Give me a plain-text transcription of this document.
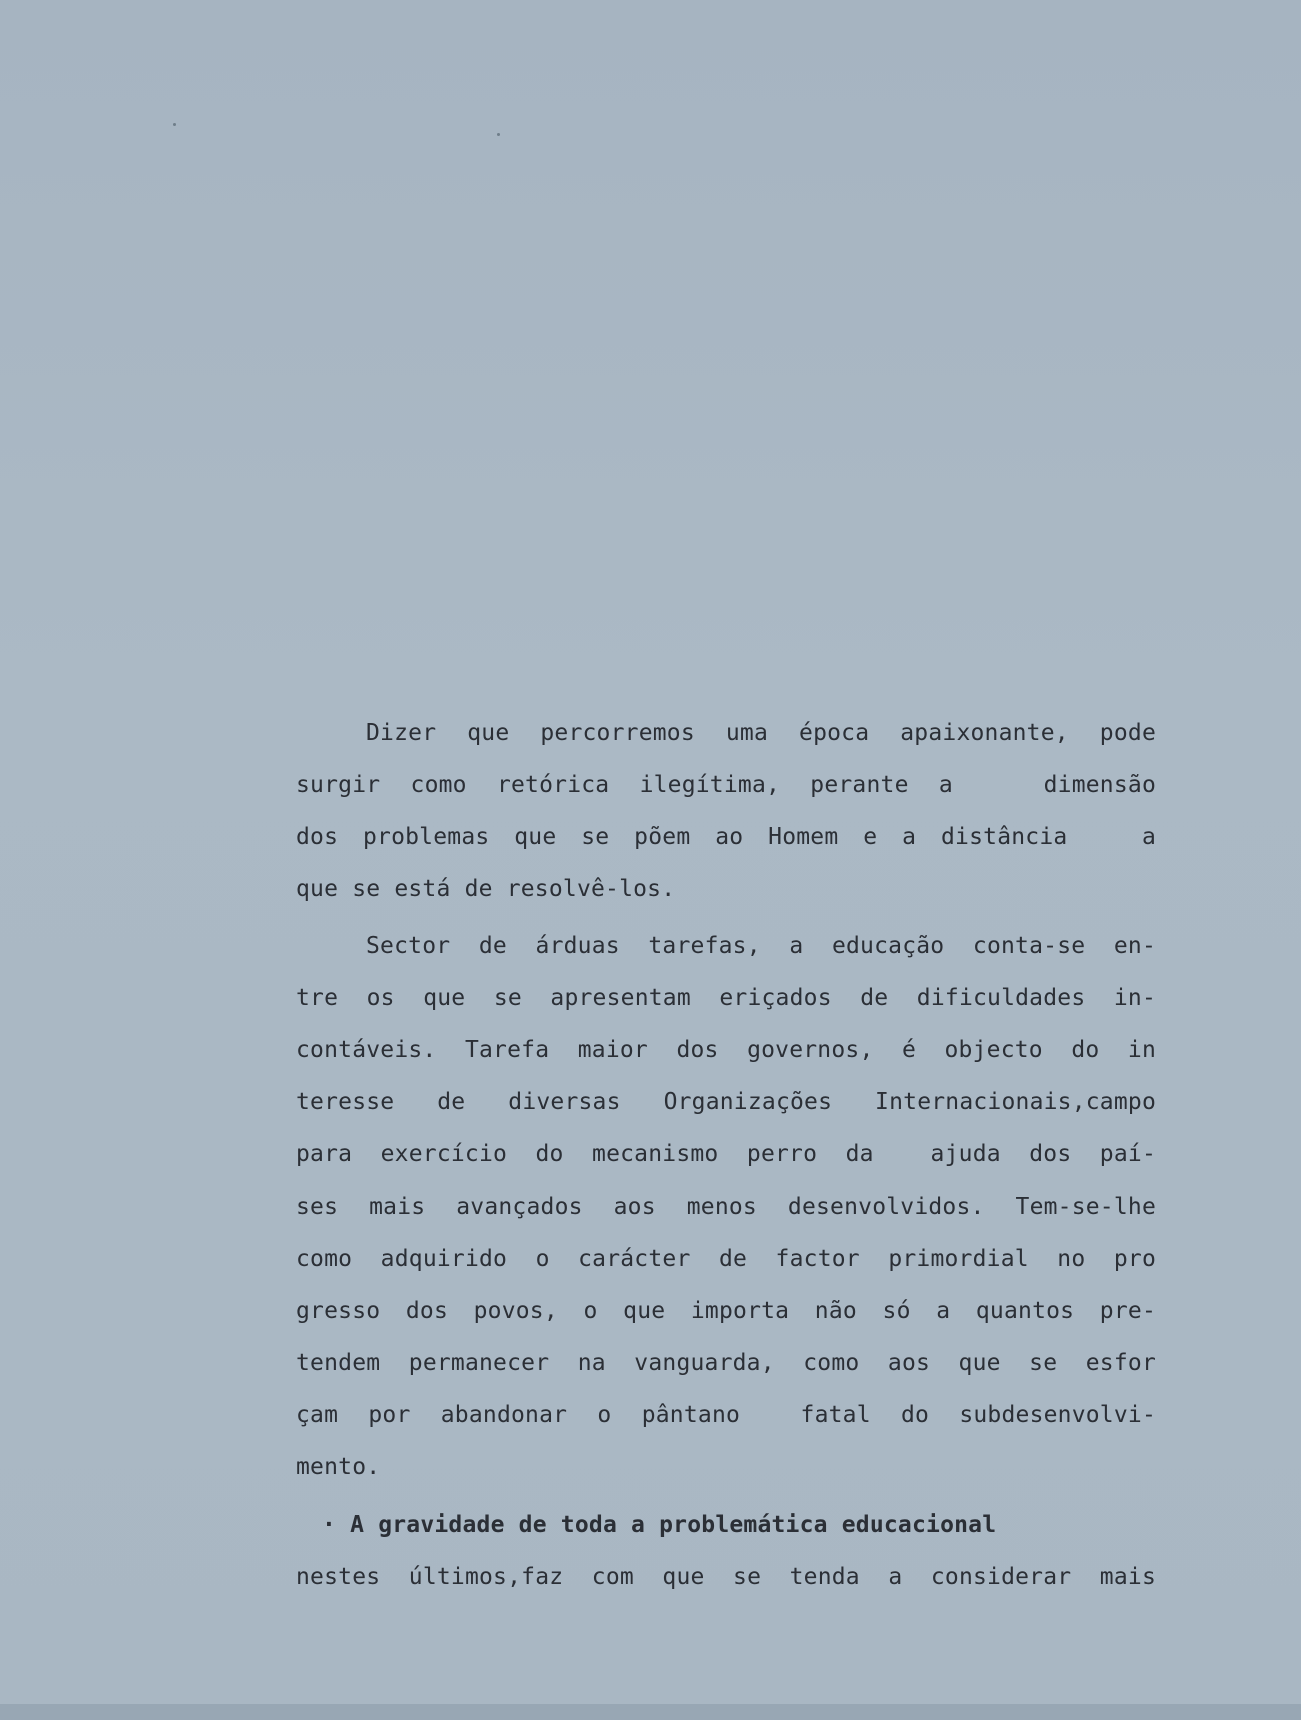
Dizer que percorremos uma época apaixonante, pode
surgir como retórica ilegítima, perante a   dimensão
dos problemas que se põem ao Homem e a distância   a
que se está de resolvê-los.
Sector de árduas tarefas, a educação conta-se en-
tre os que se apresentam eriçados de dificuldades in-
contáveis. Tarefa maior dos governos, é objecto do in
teresse de diversas Organizações Internacionais,campo
para exercício do mecanismo perro da  ajuda dos paí-
ses mais avançados aos menos desenvolvidos. Tem-se-lhe
como adquirido o carácter de factor primordial no pro
gresso dos povos, o que importa não só a quantos pre-
tendem permanecer na vanguarda, como aos que se esfor
çam por abandonar o pântano  fatal do subdesenvolvi-
mento.
· A gravidade de toda a problemática educacional
nestes últimos,faz com que se tenda a considerar mais
